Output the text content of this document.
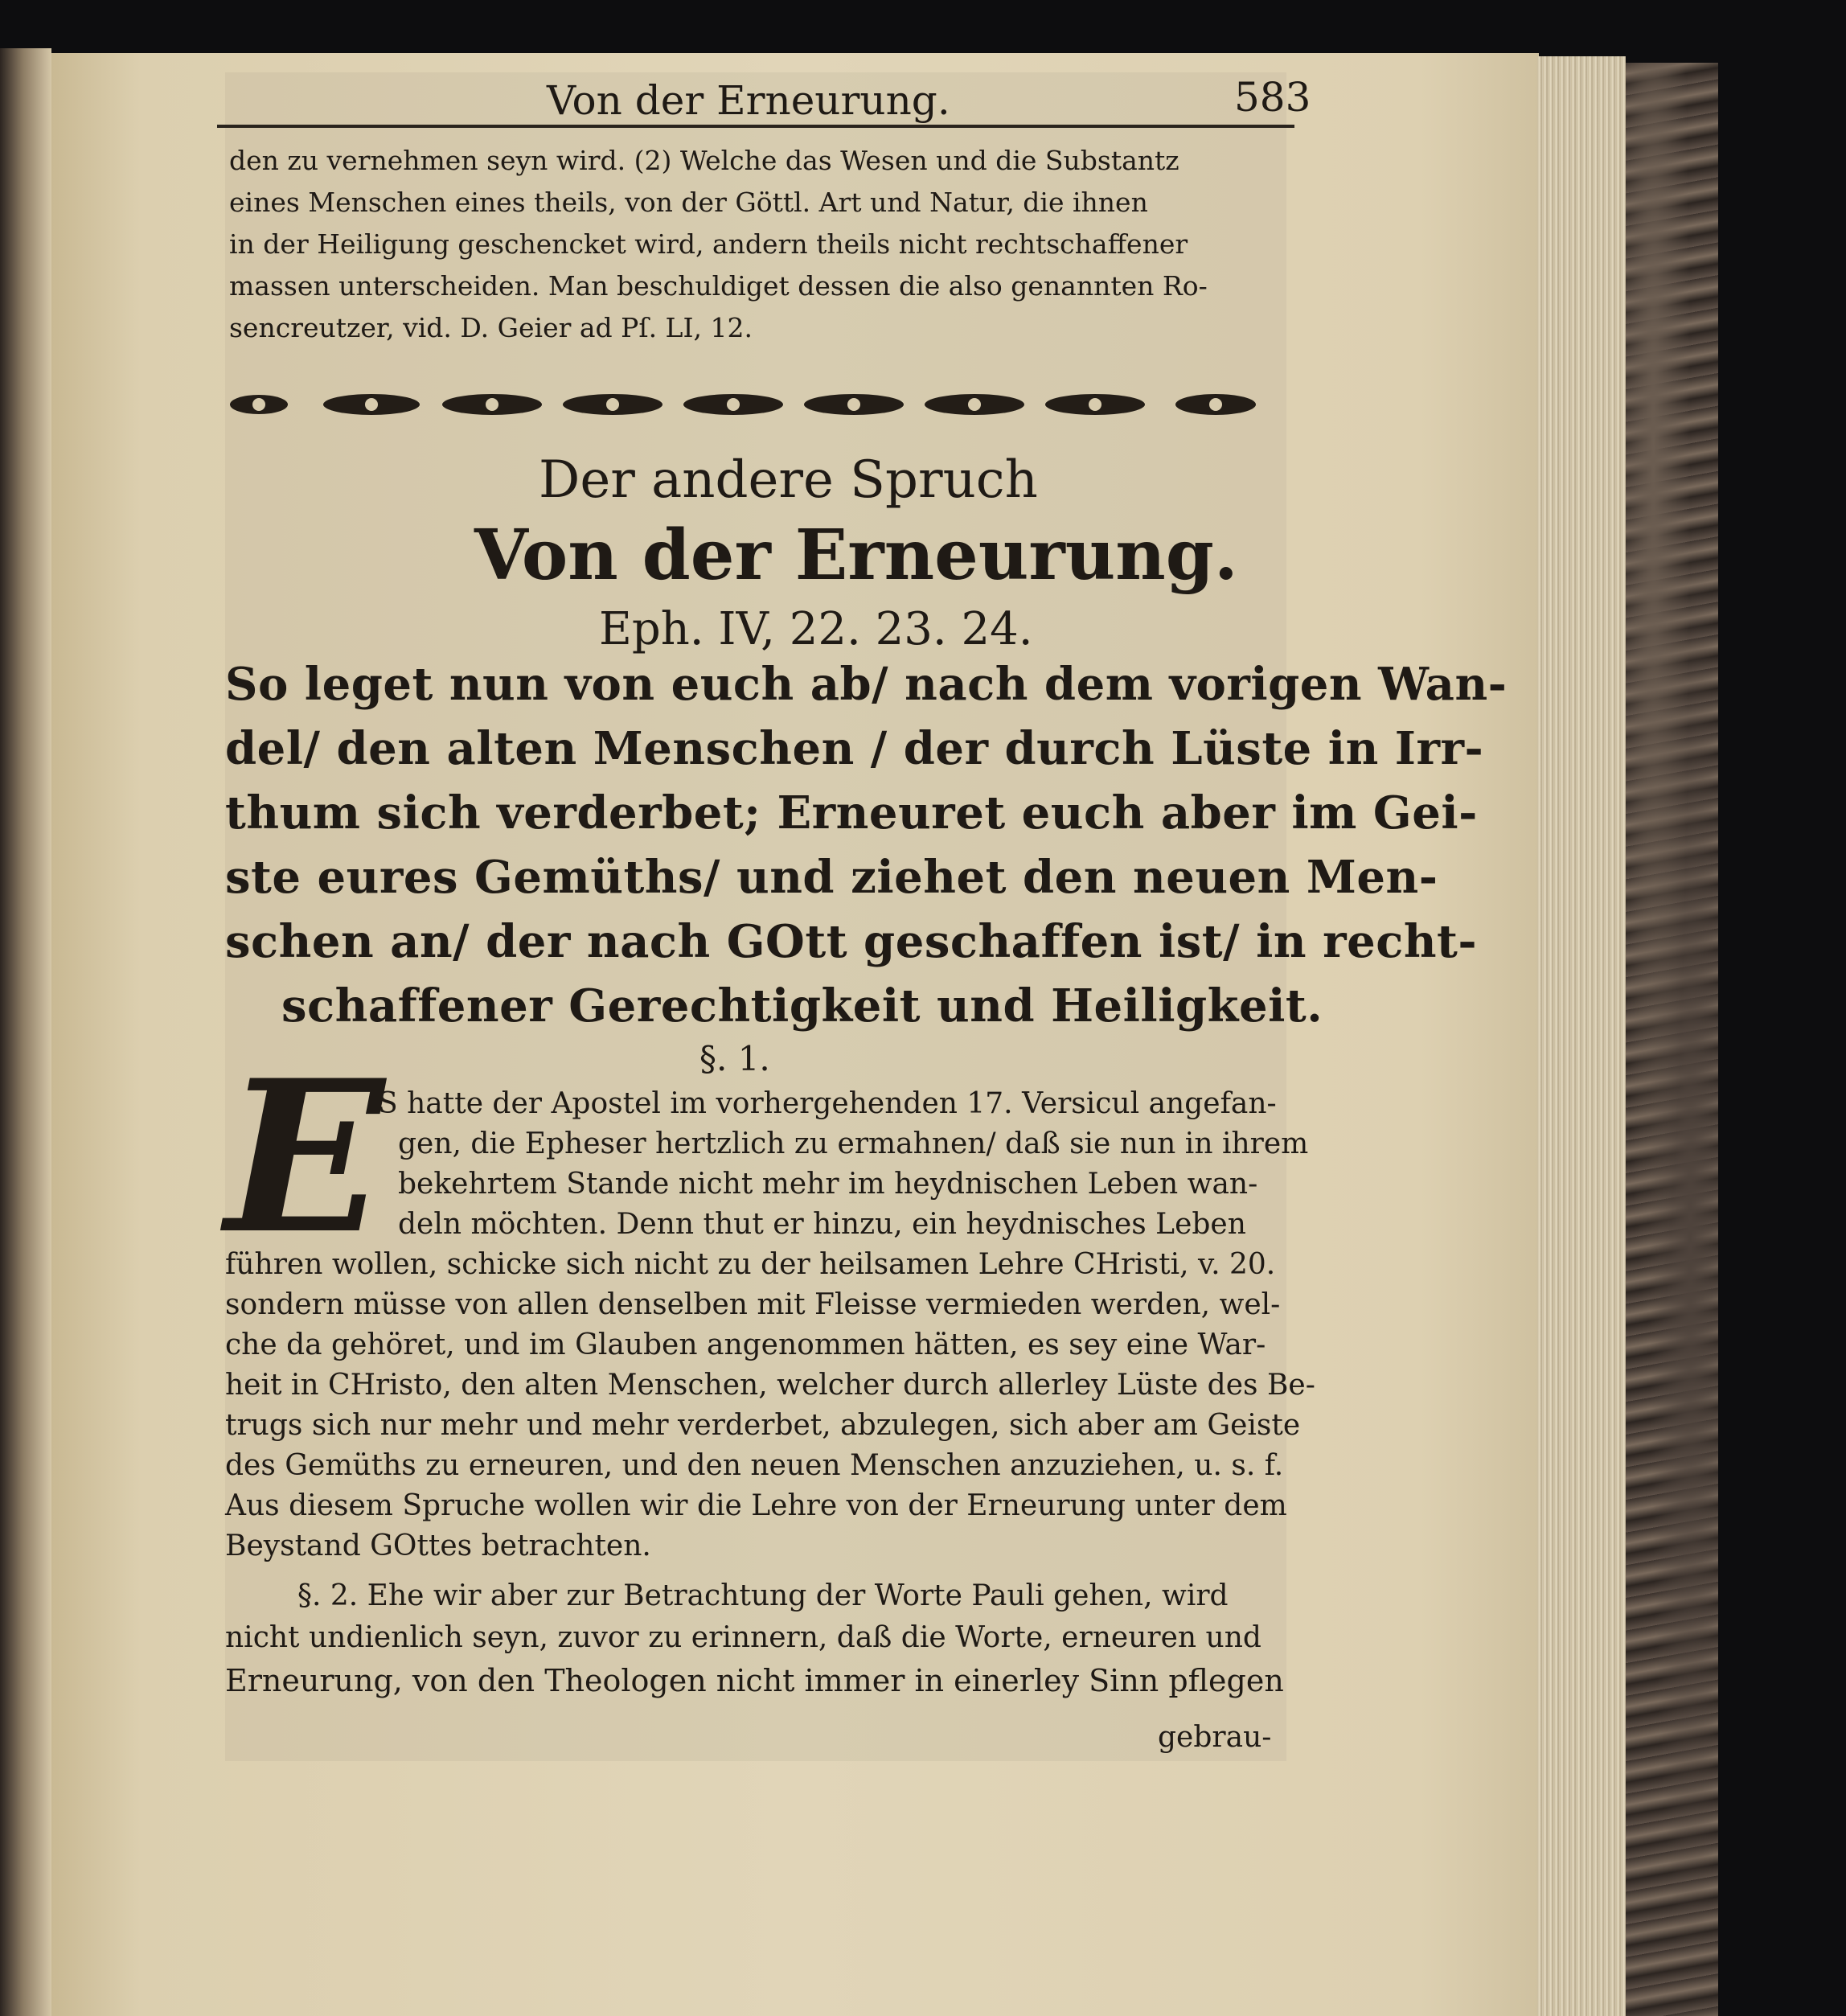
Von der Erneurung.	583
den zu vernehmen seyn wird. (2) Welche das Wesen und die Substantz
eines Menschen eines theils, von der Göttl. Art und Natur, die ihnen
in der Heiligung geschencket wird, andern theils nicht rechtschaffener
massen unterscheiden. Man beschuldiget dessen die also genannten Ro-
sencreutzer, vid. D. Geier ad Pſ. LI, 12.
Der andere Spruch
Von der Erneurung.
Eph. IV, 22. 23. 24.
So leget nun von euch ab/ nach dem vorigen Wan-
del/ den alten Menschen / der durch Lüste in Irr-
thum sich verderbet; Erneuret euch aber im Gei-
ste eures Gemüths/ und ziehet den neuen Men-
schen an/ der nach GOtt geschaffen ist/ in recht-
schaffener Gerechtigkeit und Heiligkeit.
§. 1.
E
S hatte der Apostel im vorhergehenden 17. Versicul angefan-
gen, die Epheser hertzlich zu ermahnen/ daß sie nun in ihrem
bekehrtem Stande nicht mehr im heydnischen Leben wan-
deln möchten. Denn thut er hinzu, ein heydnisches Leben
führen wollen, schicke sich nicht zu der heilsamen Lehre CHristi, v. 20.
sondern müsse von allen denselben mit Fleisse vermieden werden, wel-
che da gehöret, und im Glauben angenommen hätten, es sey eine War-
heit in CHristo, den alten Menschen, welcher durch allerley Lüste des Be-
trugs sich nur mehr und mehr verderbet, abzulegen, sich aber am Geiste
des Gemüths zu erneuren, und den neuen Menschen anzuziehen, u. s. f.
Aus diesem Spruche wollen wir die Lehre von der Erneurung unter dem
Beystand GOttes betrachten.
§. 2. Ehe wir aber zur Betrachtung der Worte Pauli gehen, wird
nicht undienlich seyn, zuvor zu erinnern, daß die Worte, erneuren und
Erneurung, von den Theologen nicht immer in einerley Sinn pflegen
gebrau-
